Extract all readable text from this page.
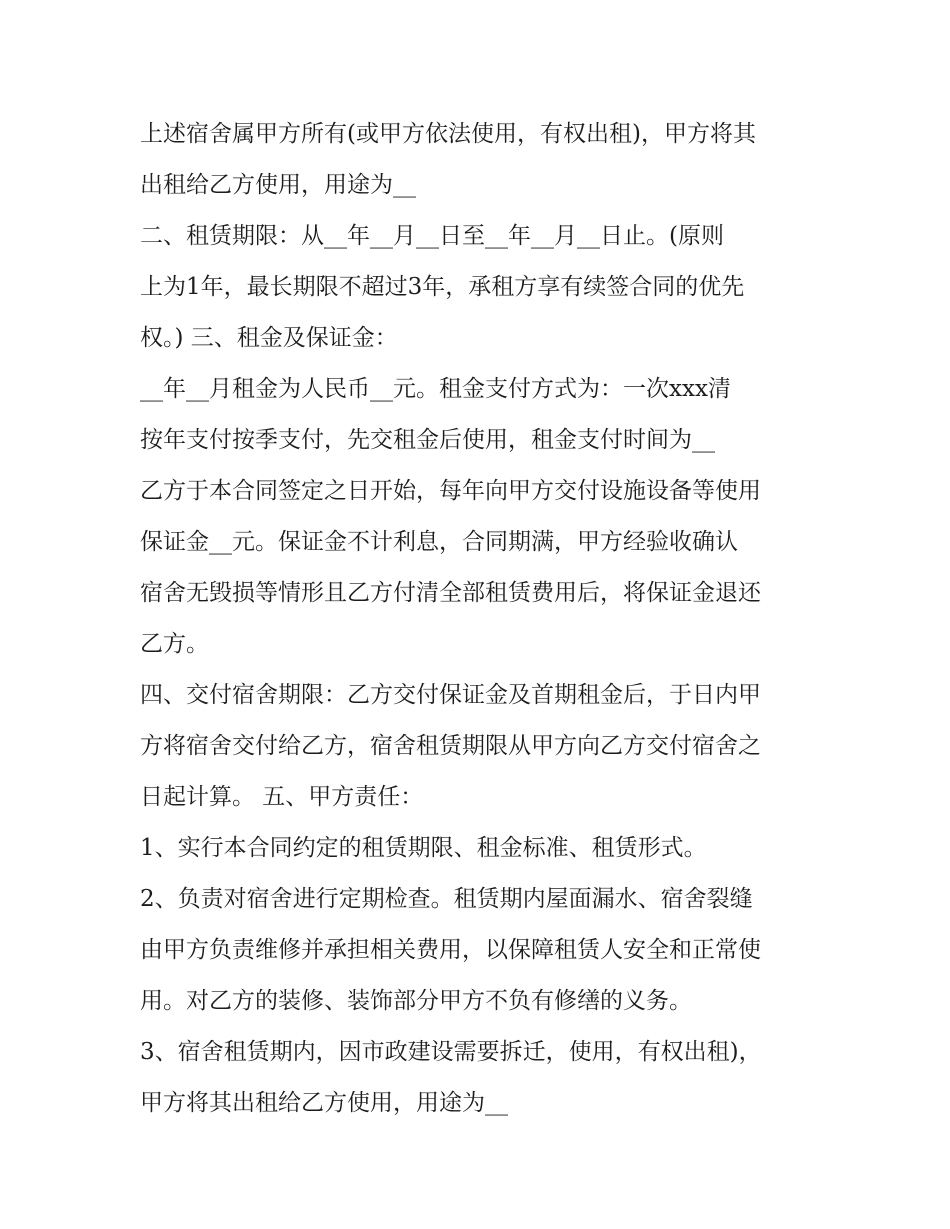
上述宿舍属甲方所有(或甲方依法使用，有权出租)，甲方将其
出租给乙方使用，用途为__
二、租赁期限：从__年__月__日至__年__月__日止。(原则
上为1年，最长期限不超过3年，承租方享有续签合同的优先
权。) 三、租金及保证金：
__年__月租金为人民币__元。租金支付方式为：一次xxx清
按年支付按季支付，先交租金后使用，租金支付时间为__
乙方于本合同签定之日开始，每年向甲方交付设施设备等使用
保证金__元。保证金不计利息，合同期满，甲方经验收确认
宿舍无毁损等情形且乙方付清全部租赁费用后，将保证金退还
乙方。
四、交付宿舍期限：乙方交付保证金及首期租金后，于日内甲
方将宿舍交付给乙方，宿舍租赁期限从甲方向乙方交付宿舍之
日起计算。 五、甲方责任：
1、实行本合同约定的租赁期限、租金标准、租赁形式。
2、负责对宿舍进行定期检查。租赁期内屋面漏水、宿舍裂缝
由甲方负责维修并承担相关费用，以保障租赁人安全和正常使
用。对乙方的装修、装饰部分甲方不负有修缮的义务。
3、宿舍租赁期内，因市政建设需要拆迁，使用，有权出租)，
甲方将其出租给乙方使用，用途为__
